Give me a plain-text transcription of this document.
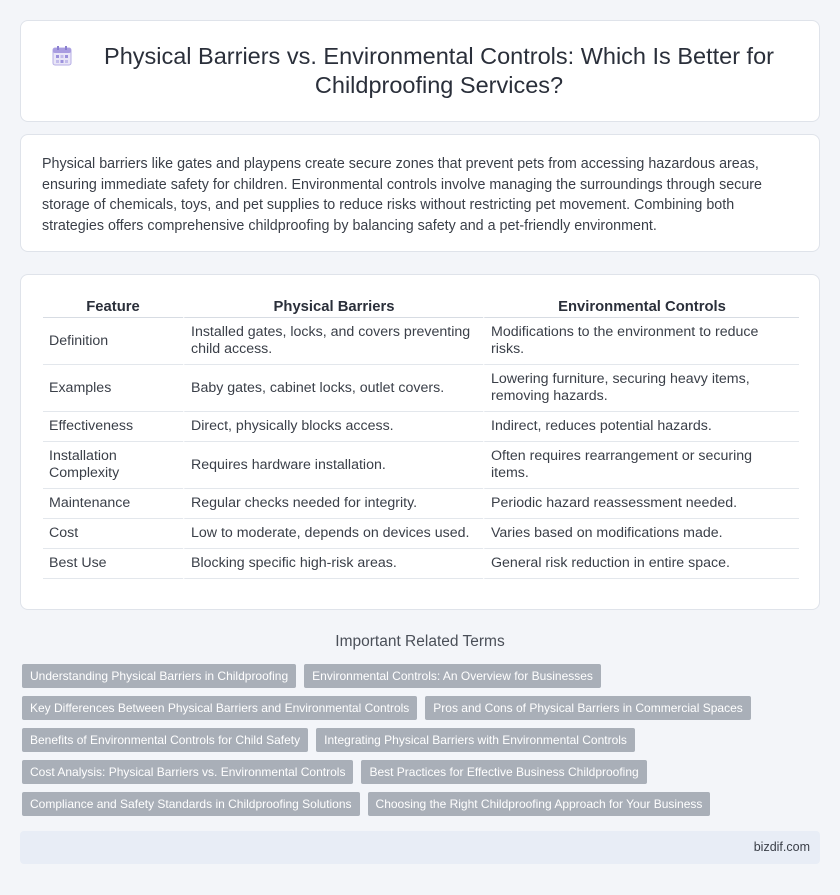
Physical Barriers vs. Environmental Controls: Which Is Better for Childproofing Services?

Physical barriers like gates and playpens create secure zones that prevent pets from accessing hazardous areas, ensuring immediate safety for children. Environmental controls involve managing the surroundings through secure storage of chemicals, toys, and pet supplies to reduce risks without restricting pet movement. Combining both strategies offers comprehensive childproofing by balancing safety and a pet-friendly environment.

Feature	Physical Barriers	Environmental Controls
Definition	Installed gates, locks, and covers preventing child access.	Modifications to the environment to reduce risks.
Examples	Baby gates, cabinet locks, outlet covers.	Lowering furniture, securing heavy items, removing hazards.
Effectiveness	Direct, physically blocks access.	Indirect, reduces potential hazards.
Installation Complexity	Requires hardware installation.	Often requires rearrangement or securing items.
Maintenance	Regular checks needed for integrity.	Periodic hazard reassessment needed.
Cost	Low to moderate, depends on devices used.	Varies based on modifications made.
Best Use	Blocking specific high-risk areas.	General risk reduction in entire space.
Important Related Terms
Understanding Physical Barriers in Childproofing	Environmental Controls: An Overview for Businesses
Key Differences Between Physical Barriers and Environmental Controls	Pros and Cons of Physical Barriers in Commercial Spaces
Benefits of Environmental Controls for Child Safety	Integrating Physical Barriers with Environmental Controls
Cost Analysis: Physical Barriers vs. Environmental Controls	Best Practices for Effective Business Childproofing
Compliance and Safety Standards in Childproofing Solutions	Choosing the Right Childproofing Approach for Your Business
bizdif.com
